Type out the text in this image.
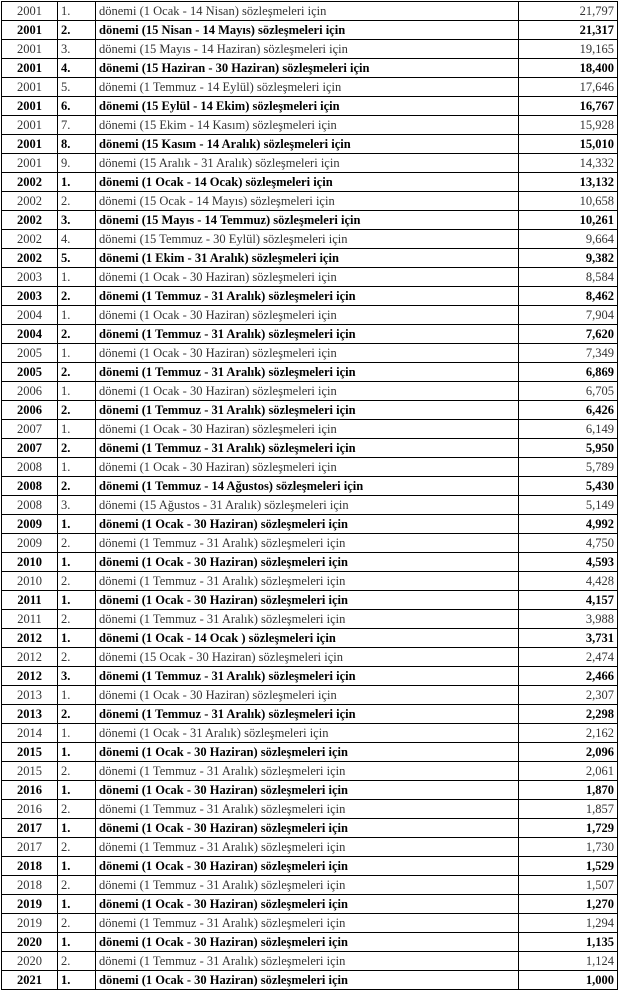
2001	1.	dönemi (1 Ocak - 14 Nisan) sözleşmeleri için	21,797
2001	2.	dönemi (15 Nisan - 14 Mayıs) sözleşmeleri için	21,317
2001	3.	dönemi (15 Mayıs - 14 Haziran) sözleşmeleri için	19,165
2001	4.	dönemi (15 Haziran - 30 Haziran) sözleşmeleri için	18,400
2001	5.	dönemi (1 Temmuz - 14 Eylül) sözleşmeleri için	17,646
2001	6.	dönemi (15 Eylül - 14 Ekim) sözleşmeleri için	16,767
2001	7.	dönemi (15 Ekim - 14 Kasım) sözleşmeleri için	15,928
2001	8.	dönemi (15 Kasım - 14 Aralık) sözleşmeleri için	15,010
2001	9.	dönemi (15 Aralık - 31 Aralık) sözleşmeleri için	14,332
2002	1.	dönemi (1 Ocak - 14 Ocak) sözleşmeleri için	13,132
2002	2.	dönemi (15 Ocak - 14 Mayıs) sözleşmeleri için	10,658
2002	3.	dönemi (15 Mayıs - 14 Temmuz) sözleşmeleri için	10,261
2002	4.	dönemi (15 Temmuz - 30 Eylül) sözleşmeleri için	9,664
2002	5.	dönemi (1 Ekim - 31 Aralık) sözleşmeleri için	9,382
2003	1.	dönemi (1 Ocak - 30 Haziran) sözleşmeleri için	8,584
2003	2.	dönemi (1 Temmuz - 31 Aralık) sözleşmeleri için	8,462
2004	1.	dönemi (1 Ocak - 30 Haziran) sözleşmeleri için	7,904
2004	2.	dönemi (1 Temmuz - 31 Aralık) sözleşmeleri için	7,620
2005	1.	dönemi (1 Ocak - 30 Haziran) sözleşmeleri için	7,349
2005	2.	dönemi (1 Temmuz - 31 Aralık) sözleşmeleri için	6,869
2006	1.	dönemi (1 Ocak - 30 Haziran) sözleşmeleri için	6,705
2006	2.	dönemi (1 Temmuz - 31 Aralık) sözleşmeleri için	6,426
2007	1.	dönemi (1 Ocak - 30 Haziran) sözleşmeleri için	6,149
2007	2.	dönemi (1 Temmuz - 31 Aralık) sözleşmeleri için	5,950
2008	1.	dönemi (1 Ocak - 30 Haziran) sözleşmeleri için	5,789
2008	2.	dönemi (1 Temmuz - 14 Ağustos) sözleşmeleri için	5,430
2008	3.	dönemi (15 Ağustos - 31 Aralık) sözleşmeleri için	5,149
2009	1.	dönemi (1 Ocak - 30 Haziran) sözleşmeleri için	4,992
2009	2.	dönemi (1 Temmuz - 31 Aralık) sözleşmeleri için	4,750
2010	1.	dönemi (1 Ocak - 30 Haziran) sözleşmeleri için	4,593
2010	2.	dönemi (1 Temmuz - 31 Aralık) sözleşmeleri için	4,428
2011	1.	dönemi (1 Ocak - 30 Haziran) sözleşmeleri için	4,157
2011	2.	dönemi (1 Temmuz - 31 Aralık) sözleşmeleri için	3,988
2012	1.	dönemi (1 Ocak - 14 Ocak ) sözleşmeleri için	3,731
2012	2.	dönemi (15 Ocak - 30 Haziran) sözleşmeleri için	2,474
2012	3.	dönemi (1 Temmuz - 31 Aralık) sözleşmeleri için	2,466
2013	1.	dönemi (1 Ocak - 30 Haziran) sözleşmeleri için	2,307
2013	2.	dönemi (1 Temmuz - 31 Aralık) sözleşmeleri için	2,298
2014	1.	dönemi (1 Ocak - 31 Aralık) sözleşmeleri için	2,162
2015	1.	dönemi (1 Ocak - 30 Haziran) sözleşmeleri için	2,096
2015	2.	dönemi (1 Temmuz - 31 Aralık) sözleşmeleri için	2,061
2016	1.	dönemi (1 Ocak - 30 Haziran) sözleşmeleri için	1,870
2016	2.	dönemi (1 Temmuz - 31 Aralık) sözleşmeleri için	1,857
2017	1.	dönemi (1 Ocak - 30 Haziran) sözleşmeleri için	1,729
2017	2.	dönemi (1 Temmuz - 31 Aralık) sözleşmeleri için	1,730
2018	1.	dönemi (1 Ocak - 30 Haziran) sözleşmeleri için	1,529
2018	2.	dönemi (1 Temmuz - 31 Aralık) sözleşmeleri için	1,507
2019	1.	dönemi (1 Ocak - 30 Haziran) sözleşmeleri için	1,270
2019	2.	dönemi (1 Temmuz - 31 Aralık) sözleşmeleri için	1,294
2020	1.	dönemi (1 Ocak - 30 Haziran) sözleşmeleri için	1,135
2020	2.	dönemi (1 Temmuz - 31 Aralık) sözleşmeleri için	1,124
2021	1.	dönemi (1 Ocak - 30 Haziran) sözleşmeleri için	1,000
